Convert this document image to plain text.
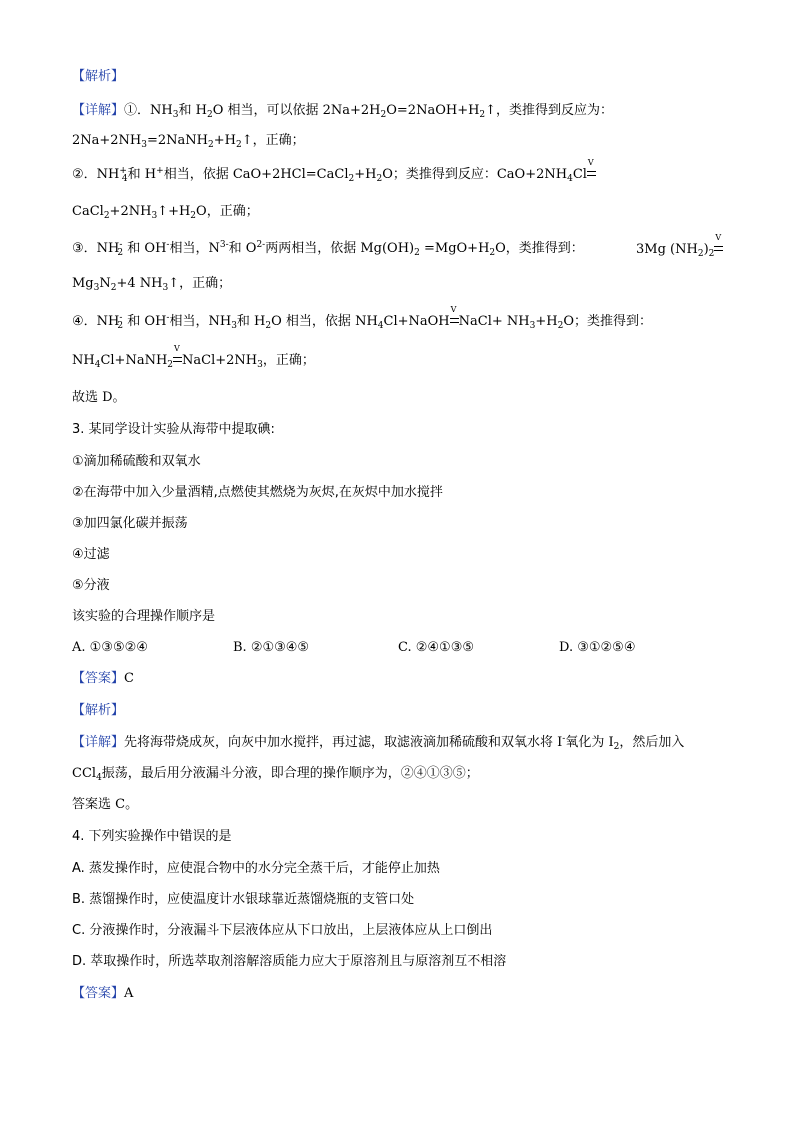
【解析】
【详解】①．$NH_3$和 $H_2O$ 相当，可以依据 $2Na+2H_2O=2NaOH+H_2↑$，类推得到反应为：
$2Na+2NH_3=2NaNH_2+H_2↑$，正确；
②．$NH^+_4$和 H+相当，依据 $CaO+2HCl=CaCl_2+H_2O$；类推得到反应：$CaO+2NH_4ClV$
$CaCl_2+2NH_3↑+H_2O$，正确；
③．$NH^-_2$ 和 OH-相当，$N^{3-}$和 $O^{2-}$两两相当，依据 $Mg(OH)_2 =MgO+H_2O$，类推得到：	3Mg $(NH_2)_2V$
$Mg_3N_2+4$ $NH_3↑$，正确；
④．$NH^-_2$ 和 OH-相当，$NH_3$和 $H_2O$ 相当，依据 $NH_4Cl+NaOHV$ NaCl+ $NH_3+H_2O$；类推得到：
$NH_4Cl+NaNH_2V$ $NaCl+2NH_3$，正确；
故选 D。
3. 某同学设计实验从海带中提取碘:
①滴加稀硫酸和双氧水
②在海带中加入少量酒精,点燃使其燃烧为灰烬,在灰烬中加水搅拌
③加四氯化碳并振荡
④过滤
⑤分液
该实验的合理操作顺序是
A. ①③⑤②④	B. ②①③④⑤	C. ②④①③⑤	D. ③①②⑤④
【答案】C
【解析】
【详解】先将海带烧成灰，向灰中加水搅拌，再过滤，取滤液滴加稀硫酸和双氧水将 I-氧化为 $I_2$，然后加入
CCl$_4$振荡，最后用分液漏斗分液，即合理的操作顺序为，②④①③⑤；
答案选 C。
4. 下列实验操作中错误的是
A. 蒸发操作时，应使混合物中的水分完全蒸干后，才能停止加热
B. 蒸馏操作时，应使温度计水银球靠近蒸馏烧瓶的支管口处
C. 分液操作时，分液漏斗下层液体应从下口放出，上层液体应从上口倒出
D. 萃取操作时，所选萃取剂溶解溶质能力应大于原溶剂且与原溶剂互不相溶
【答案】A
